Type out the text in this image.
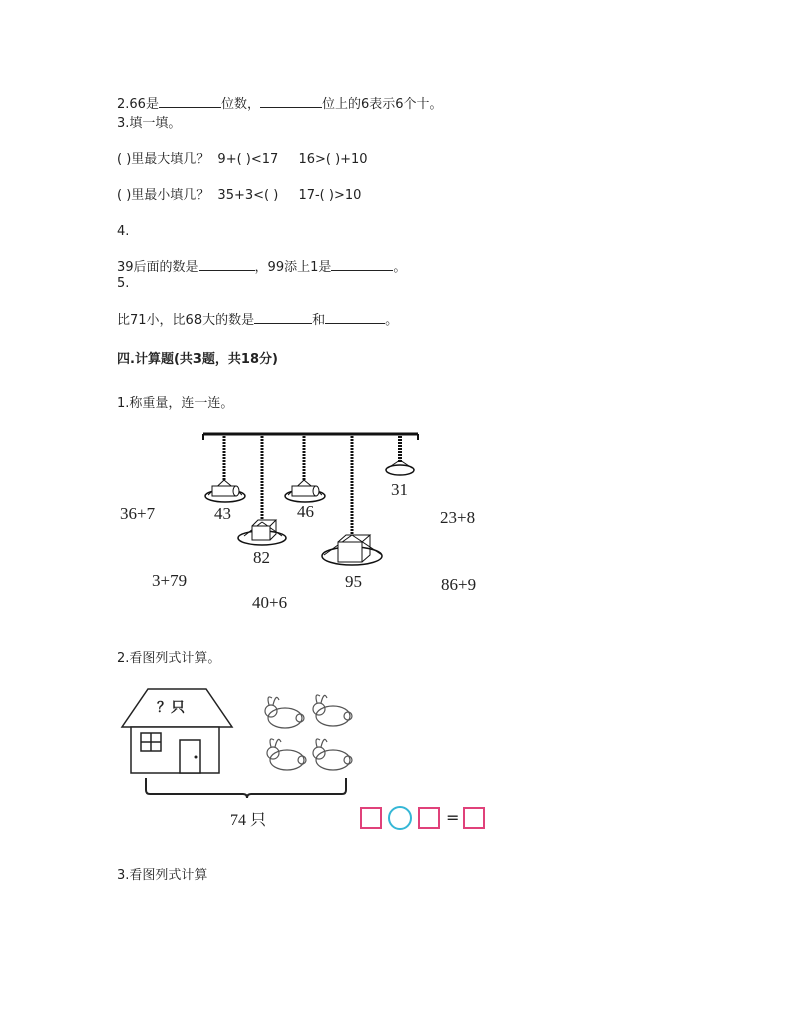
2.66是	位数，	位上的6表示6个十。
3.填一填。
( )里最大填几？ 9+( )<17 16>( )+10
( )里最小填几？ 35+3<( ) 17-( )>10
4.
39后面的数是	，99添上1是	。
5.
比71小，比68大的数是	和	。
四.计算题(共3题，共18分)
1.称重量，连一连。
43
82
46
95
31
36+7
3+79
40+6
23+8
86+9
2.看图列式计算。
？只
74 只	=
3.看图列式计算
